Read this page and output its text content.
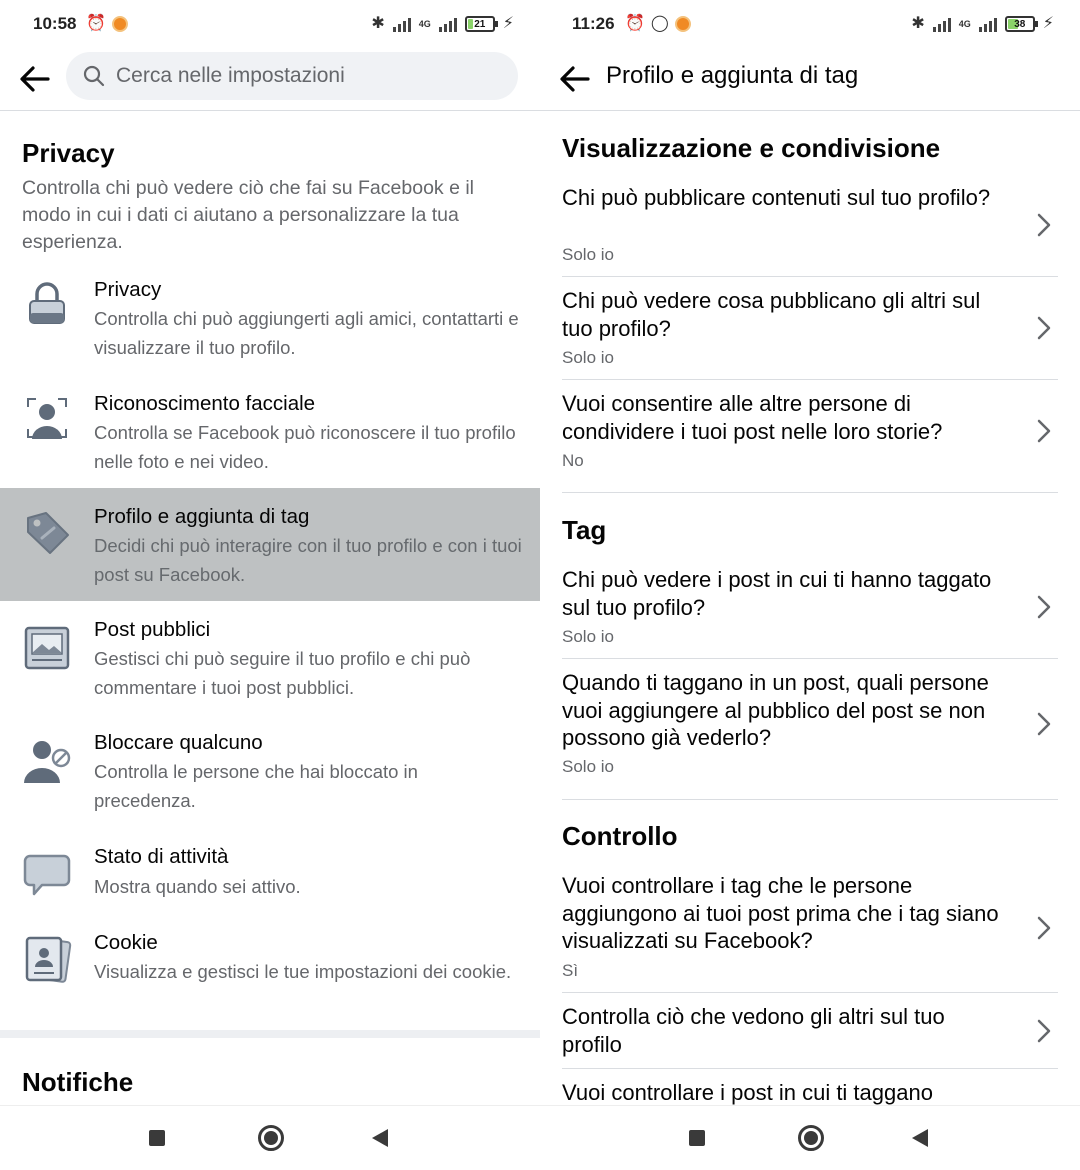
10:58 ⏰	✱	4G	21 ⚡
Cerca nelle impostazioni
Privacy
Controlla chi può vedere ciò che fai su Facebook e il modo in cui i dati ci aiutano a personalizzare la tua esperienza.
Privacy
Controlla chi può aggiungerti agli amici, contattarti e visualizzare il tuo profilo.
Riconoscimento facciale
Controlla se Facebook può riconoscere il tuo profilo nelle foto e nei video.
Profilo e aggiunta di tag
Decidi chi può interagire con il tuo profilo e con i tuoi post su Facebook.
Post pubblici
Gestisci chi può seguire il tuo profilo e chi può commentare i tuoi post pubblici.
Bloccare qualcuno
Controlla le persone che hai bloccato in precedenza.
Stato di attività
Mostra quando sei attivo.
Cookie
Visualizza e gestisci le tue impostazioni dei cookie.
Notifiche
11:26 ⏰ ◯	✱	4G	38 ⚡
Profilo e aggiunta di tag
Visualizzazione e condivisione
Chi può pubblicare contenuti sul tuo profilo?
Solo io
Chi può vedere cosa pubblicano gli altri sul tuo profilo?
Solo io
Vuoi consentire alle altre persone di condividere i tuoi post nelle loro storie?
No
Tag
Chi può vedere i post in cui ti hanno taggato sul tuo profilo?
Solo io
Quando ti taggano in un post, quali persone vuoi aggiungere al pubblico del post se non possono già vederlo?
Solo io
Controllo
Vuoi controllare i tag che le persone aggiungono ai tuoi post prima che i tag siano visualizzati su Facebook?
Sì
Controlla ciò che vedono gli altri sul tuo profilo
Vuoi controllare i post in cui ti taggano
